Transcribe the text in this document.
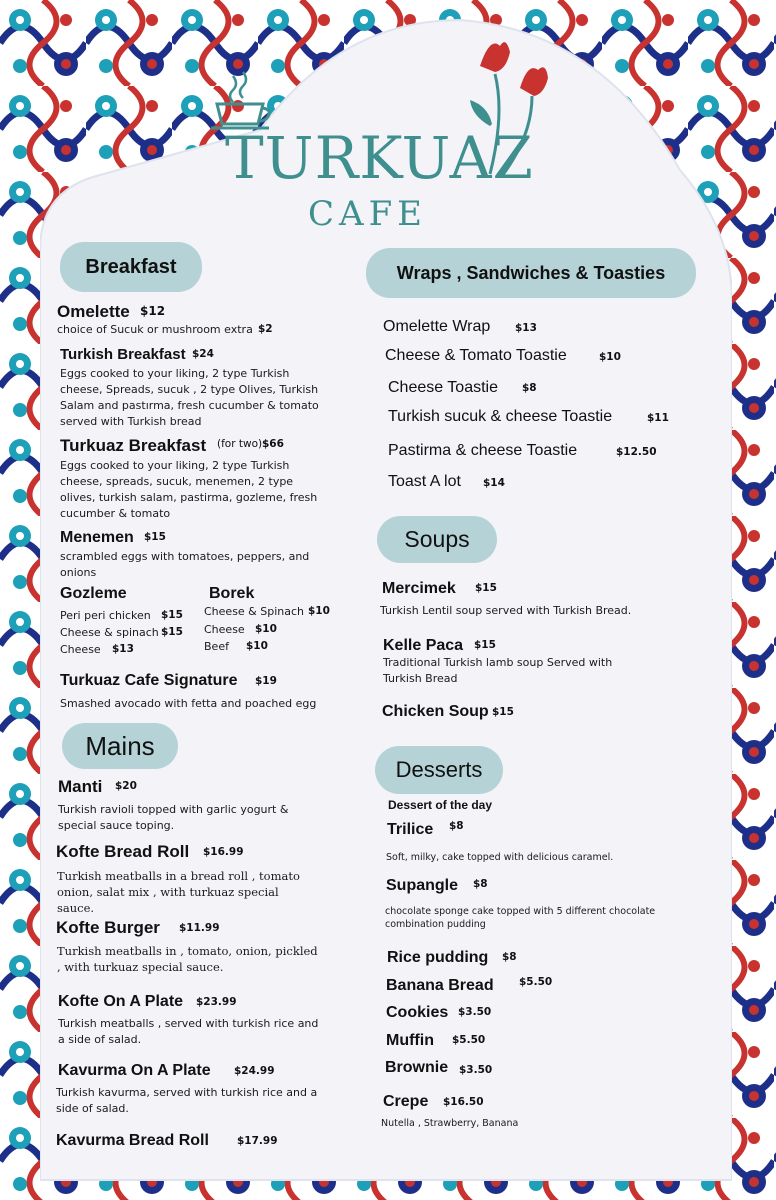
TURKUAZ
CAFE
Breakfast
Mains
Wraps , Sandwiches & Toasties
Soups
Desserts
Omelette $12
choice of Sucuk or mushroom extra $2
Turkish Breakfast $24
Eggs cooked to your liking, 2 type Turkish cheese, Spreads, sucuk , 2 type Olives, Turkish Salam and pastırma, fresh cucumber & tomato served with Turkish bread
Turkuaz Breakfast (for two) $66
Eggs cooked to your liking, 2 type Turkish cheese, spreads, sucuk, menemen, 2 type olives, turkish salam, pastirma, gozleme, fresh cucumber & tomato
Menemen $15
scrambled eggs with tomatoes, peppers, and onions
Gozleme
Peri peri chicken $15
Cheese & spinach $15
Cheese $13
Borek
Cheese & Spinach $10
Cheese $10
Beef $10
Turkuaz Cafe Signature $19
Smashed avocado with fetta and poached egg
Manti $20
Turkish ravioli topped with garlic yogurt & special sauce toping.
Kofte Bread Roll $16.99
Turkish meatballs in a bread roll , tomato onion, salat mix , with turkuaz special sauce.
Kofte Burger $11.99
Turkish meatballs in , tomato, onion, pickled , with turkuaz special sauce.
Kofte On A Plate $23.99
Turkish meatballs , served with turkish rice and a side of salad.
Kavurma On A Plate $24.99
Turkish kavurma, served with turkish rice and a side of salad.
Kavurma Bread Roll	$17.99
Omelette Wrap $13
Cheese & Tomato Toastie	$10
Cheese Toastie $8
Turkish sucuk & cheese Toastie	$11
Pastirma & cheese Toastie	$12.50
Toast A lot $14
Mercimek $15
Turkish Lentil soup served with Turkish Bread.
Kelle Paca $15
Traditional Turkish lamb soup Served with Turkish Bread
Chicken Soup $15
Dessert of the day
Trilice $8
Soft, milky, cake topped with delicious caramel.
Supangle $8
chocolate sponge cake topped with 5 different chocolate combination pudding
Rice pudding $8
Banana Bread $5.50
Cookies $3.50
Muffin $5.50
Brownie $3.50
Crepe $16.50
Nutella , Strawberry, Banana
